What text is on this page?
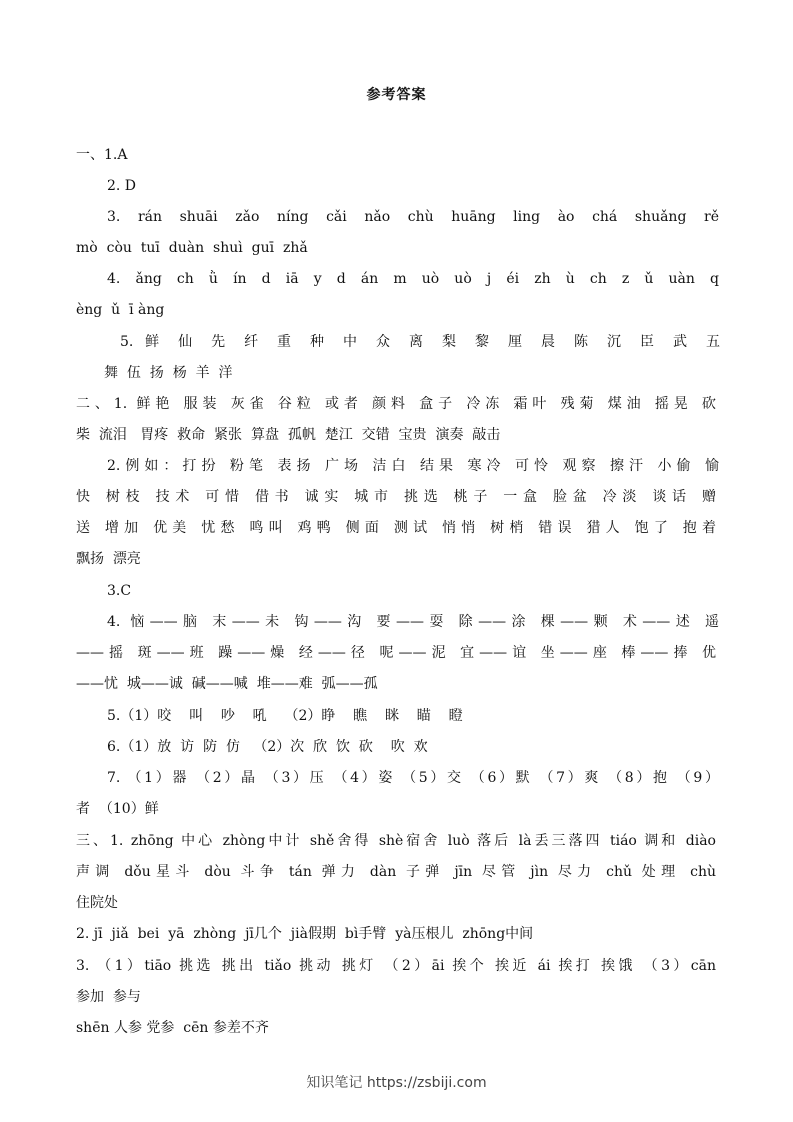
参考答案
一、1.A
2. D
3. rán shuāi zǎo níng cǎi nǎo chù huāng ling ào chá shuǎng rě
mò  còu  tuī  duàn  shuì  guī  zhǎ
4. ǎng ch ǜ ín d iā y d án m uò uò j éi zh ù ch z ǔ uàn q
èng  ǔ  ī àng
5. 鲜 仙 先 纤 重 种 中 众 离 梨 黎 厘 晨 陈 沉 臣 武 五
舞  伍  扬  杨  羊  洋
二、1. 鲜艳 服装 灰雀 谷粒 或者 颜料 盒子 冷冻 霜叶 残菊 煤油 摇晃 砍
柴  流泪   胃疼  救命  紧张  算盘  孤帆  楚江  交错  宝贵  演奏  敲击
2.例如：打扮 粉笔 表扬 广场 洁白 结果 寒冷 可怜 观察 擦汗 小偷 愉
快 树枝 技术 可惜 借书 诚实 城市 挑选 桃子 一盒 脸盆 冷淡 谈话 赠
送 增加 优美 忧愁 鸣叫 鸡鸭 侧面 测试 悄悄 树梢 错误 猎人 饱了 抱着
飘扬  漂亮
3.C
4. 恼——脑 末——未 钩——沟 要——耍 除——涂 棵——颗 术——述 遥
——摇 斑——班 躁——燥 经——径 呢——泥 宜——谊 坐——座 棒——捧 优
——忧  城——诚  碱——喊  堆——难  弧——孤
5.（1）咬    叫    吵    吼    （2）睁    瞧    眯    瞄    瞪
6.（1）放  访  防  仿   （2）次  欣  饮  砍    吹  欢
7. （1）器 （2）晶 （3）压 （4）姿 （5）交 （6）默 （7）爽 （8）抱 （9）
者  （10）鲜
三、1. zhōng 中心 zhòng中计 shě舍得 shè宿舍 luò 落后 là丢三落四 tiáo 调和 diào
声调 dǒu星斗 dòu 斗争 tán 弹力 dàn 子弹 jīn 尽管 jìn 尽力 chǔ 处理 chù
住院处
2. jī  jiǎ  bei  yā  zhòng  jī几个  jià假期  bì手臂  yà压根儿  zhōng中间
3. （1）tiāo 挑选 挑出 tiǎo 挑动 挑灯 （2）āi 挨个 挨近 ái 挨打 挨饿 （3）cān
参加  参与
shēn 人参 党参  cēn 参差不齐
知识笔记 https://zsbiji.com
